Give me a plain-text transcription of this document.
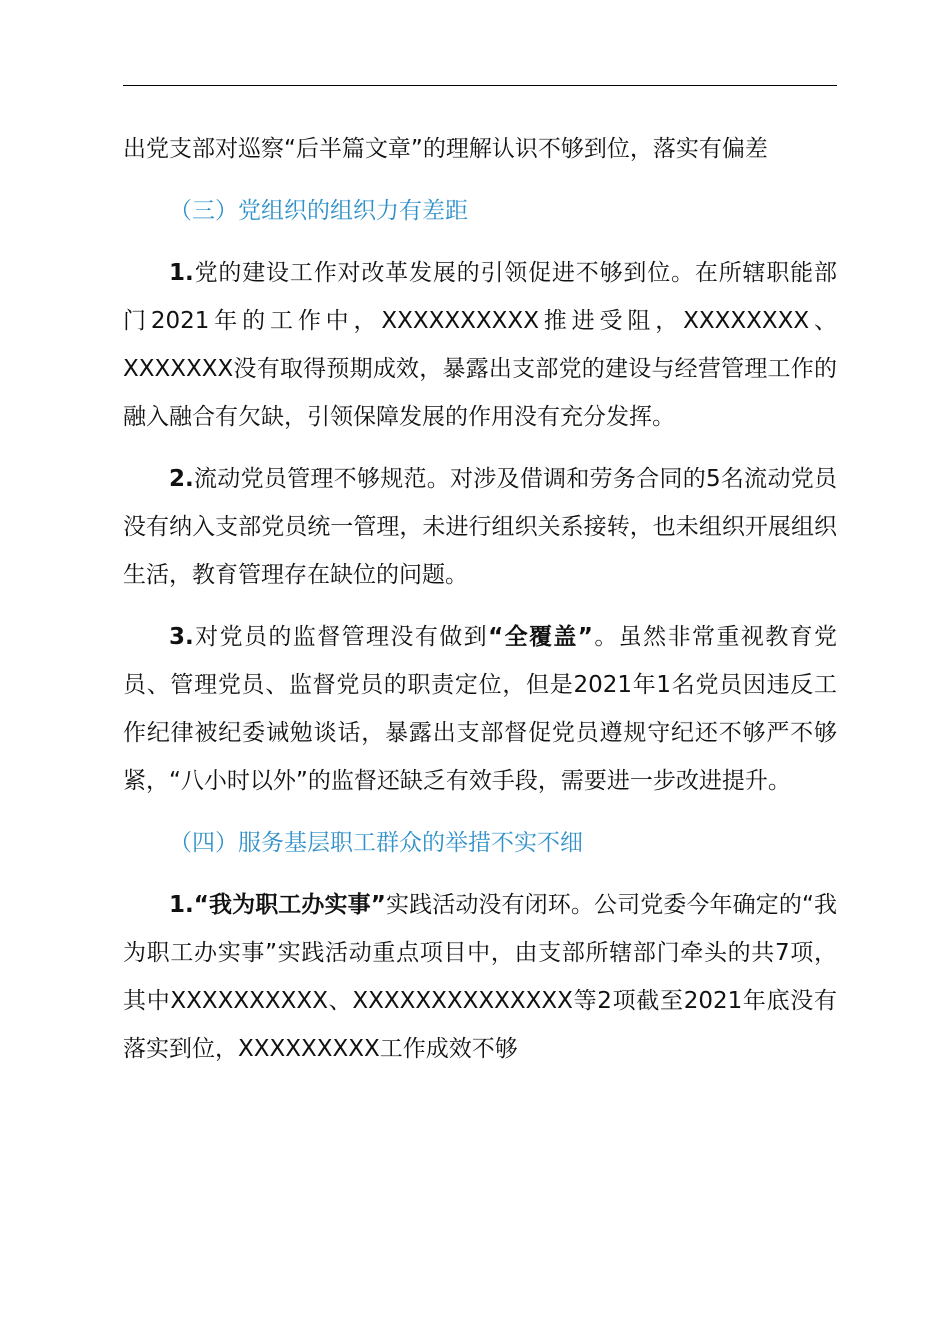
出党支部对巡察“后半篇文章”的理解认识不够到位，落实有偏差

（三）党组织的组织力有差距

1.党的建设工作对改革发展的引领促进不够到位。在所辖职能部门2021年的工作中，XXXXXXXXXX推进受阻，XXXXXXXX、XXXXXXX没有取得预期成效，暴露出支部党的建设与经营管理工作的融入融合有欠缺，引领保障发展的作用没有充分发挥。

2.流动党员管理不够规范。对涉及借调和劳务合同的5名流动党员没有纳入支部党员统一管理，未进行组织关系接转，也未组织开展组织生活，教育管理存在缺位的问题。

3.对党员的监督管理没有做到“全覆盖”。虽然非常重视教育党员、管理党员、监督党员的职责定位，但是2021年1名党员因违反工作纪律被纪委诫勉谈话，暴露出支部督促党员遵规守纪还不够严不够紧，“八小时以外”的监督还缺乏有效手段，需要进一步改进提升。

（四）服务基层职工群众的举措不实不细

1.“我为职工办实事”实践活动没有闭环。公司党委今年确定的“我为职工办实事”实践活动重点项目中，由支部所辖部门牵头的共7项，其中XXXXXXXXXX、XXXXXXXXXXXXXX等2项截至2021年底没有落实到位，XXXXXXXXX工作成效不够
